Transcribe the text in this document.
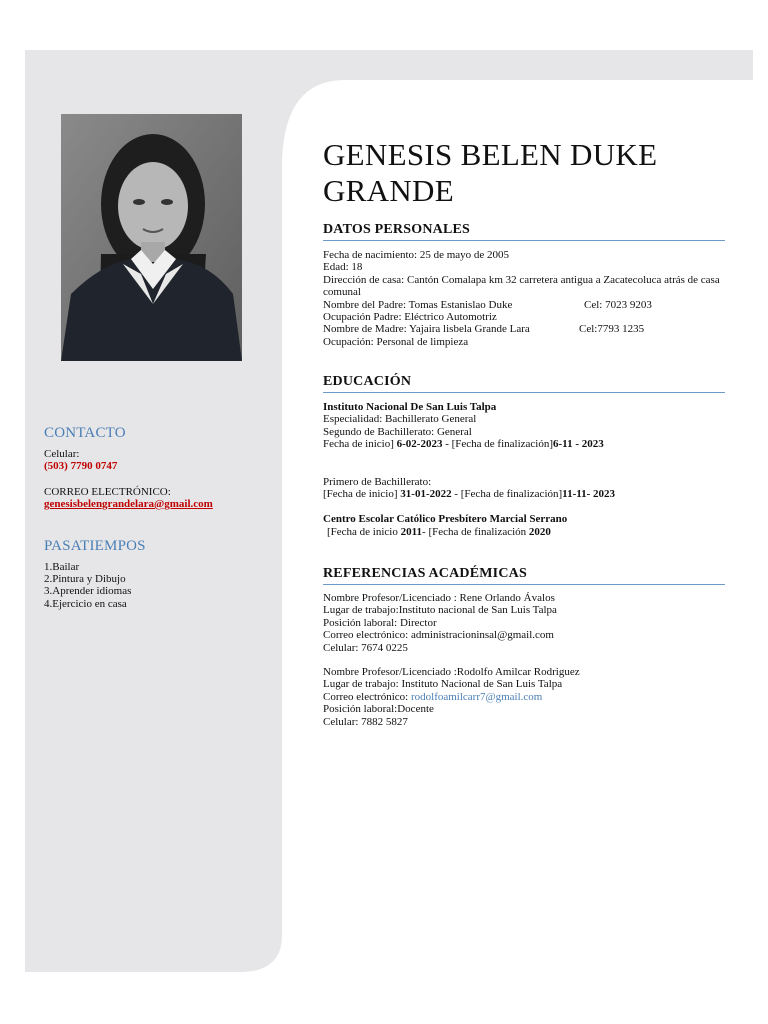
CONTACTO
Celular:
(503) 7790 0747
CORREO ELECTRÓNICO:
genesisbelengrandelara@gmail.com
PASATIEMPOS
1.Bailar
2.Pintura y Dibujo
3.Aprender idiomas
4.Ejercicio en casa
GENESIS BELEN DUKE GRANDE
DATOS PERSONALES
Fecha de nacimiento: 25 de mayo de 2005
Edad: 18
Dirección de casa: Cantón Comalapa km 32 carretera antigua a Zacatecoluca atrás de casa comunal
Nombre del Padre: Tomas Estanislao Duke	Cel: 7023 9203
Ocupación Padre: Eléctrico Automotriz
Nombre de Madre: Yajaira lisbela Grande Lara	Cel:7793 1235
Ocupación: Personal de limpieza
EDUCACIÓN
Instituto Nacional De San Luis Talpa
Especialidad: Bachillerato General
Segundo de Bachillerato: General
Fecha de inicio] 6-02-2023 - [Fecha de finalización]6-11 - 2023
Primero de Bachillerato:
[Fecha de inicio] 31-01-2022 - [Fecha de finalización]11-11- 2023
Centro Escolar Católico Presbítero Marcial Serrano
[Fecha de inicio 2011- [Fecha de finalización 2020
REFERENCIAS ACADÉMICAS
Nombre Profesor/Licenciado : Rene Orlando Ávalos
Lugar de trabajo:Instituto nacional de San Luis Talpa
Posición laboral: Director
Correo electrónico: administracioninsal@gmail.com
Celular: 7674 0225
Nombre Profesor/Licenciado :Rodolfo Amilcar Rodriguez
Lugar de trabajo: Instituto Nacional de San Luis Talpa
Correo electrónico: rodolfoamilcarr7@gmail.com
Posición laboral:Docente
Celular: 7882 5827
